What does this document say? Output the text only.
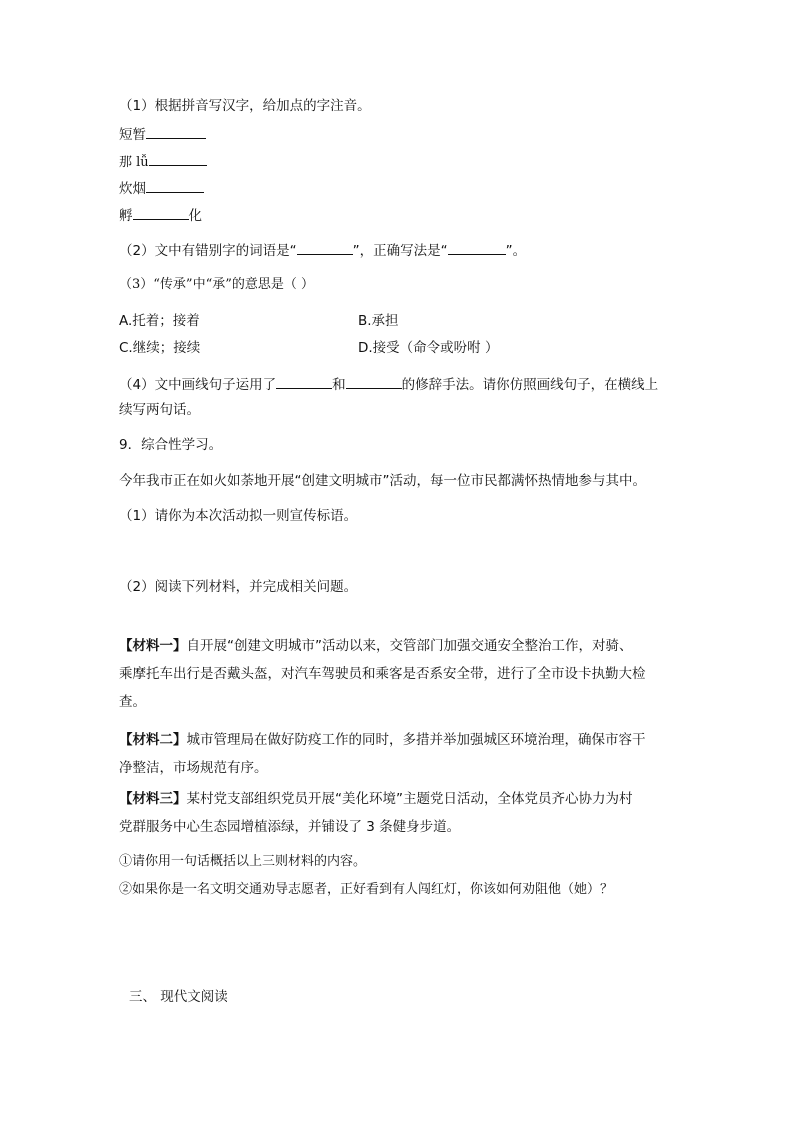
（1）根据拼音写汉字，给加点的字注音。
短暂
那 lǚ
炊烟
孵	化
（2）文中有错别字的词语是“	”，正确写法是“	”。
（3）“传承”中“承”的意思是（ ）
A.托着；接着	B.承担
C.继续；接续	D.接受（命令或吩咐 ）
（4）文中画线句子运用了	和	的修辞手法。请你仿照画线句子，在横线上
续写两句话。
9．综合性学习。
今年我市正在如火如荼地开展“创建文明城市”活动，每一位市民都满怀热情地参与其中。
（1）请你为本次活动拟一则宣传标语。
（2）阅读下列材料，并完成相关问题。
【材料一】自开展“创建文明城市”活动以来，交管部门加强交通安全整治工作，对骑、
乘摩托车出行是否戴头盔，对汽车驾驶员和乘客是否系安全带，进行了全市设卡执勤大检
查。
【材料二】城市管理局在做好防疫工作的同时，多措并举加强城区环境治理，确保市容干
净整洁，市场规范有序。
【材料三】某村党支部组织党员开展“美化环境”主题党日活动，全体党员齐心协力为村
党群服务中心生态园增植添绿，并铺设了 3 条健身步道。
①请你用一句话概括以上三则材料的内容。
②如果你是一名文明交通劝导志愿者，正好看到有人闯红灯，你该如何劝阻他（她）？
三、 现代文阅读
